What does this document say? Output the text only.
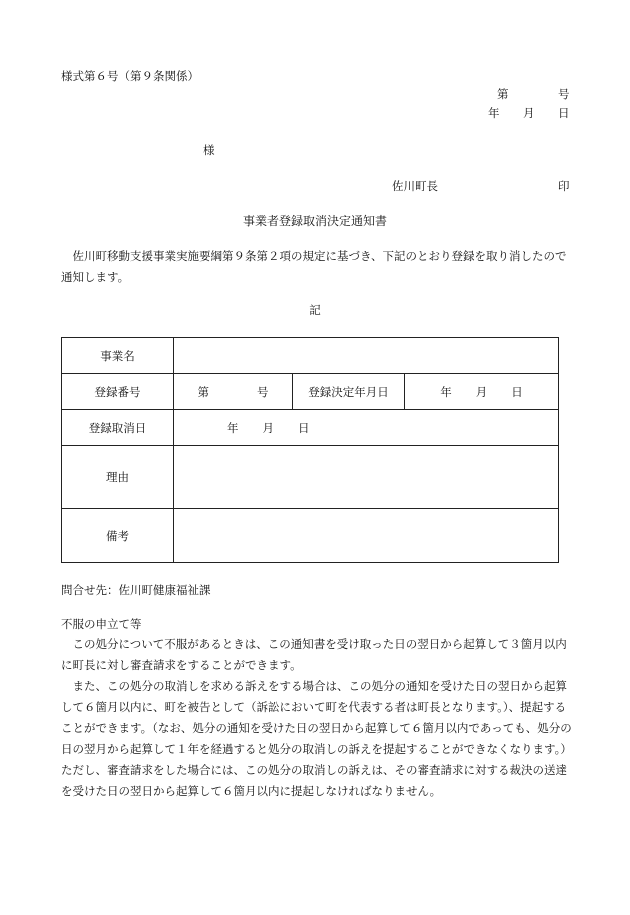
様式第６号（第９条関係）
第	号
年 月 日
様
佐川町長	印
事業者登録取消決定通知書
　佐川町移動支援事業実施要綱第９条第２項の規定に基づき、下記のとおり登録を取り消したので通知します。
記
事業名			
登録番号	第 号	登録決定年月日	年 月 日

登録取消日	年 月 日		
理由			
備考			
問合せ先：佐川町健康福祉課
不服の申立て等
　この処分について不服があるときは、この通知書を受け取った日の翌日から起算して３箇月以内に町長に対し審査請求をすることができます。
　また、この処分の取消しを求める訴えをする場合は、この処分の通知を受けた日の翌日から起算して６箇月以内に、町を被告として（訴訟において町を代表する者は町長となります。）、提起することができます。（なお、処分の通知を受けた日の翌日から起算して６箇月以内であっても、処分の日の翌月から起算して１年を経過すると処分の取消しの訴えを提起することができなくなります。）ただし、審査請求をした場合には、この処分の取消しの訴えは、その審査請求に対する裁決の送達を受けた日の翌日から起算して６箇月以内に提起しなければなりません。
